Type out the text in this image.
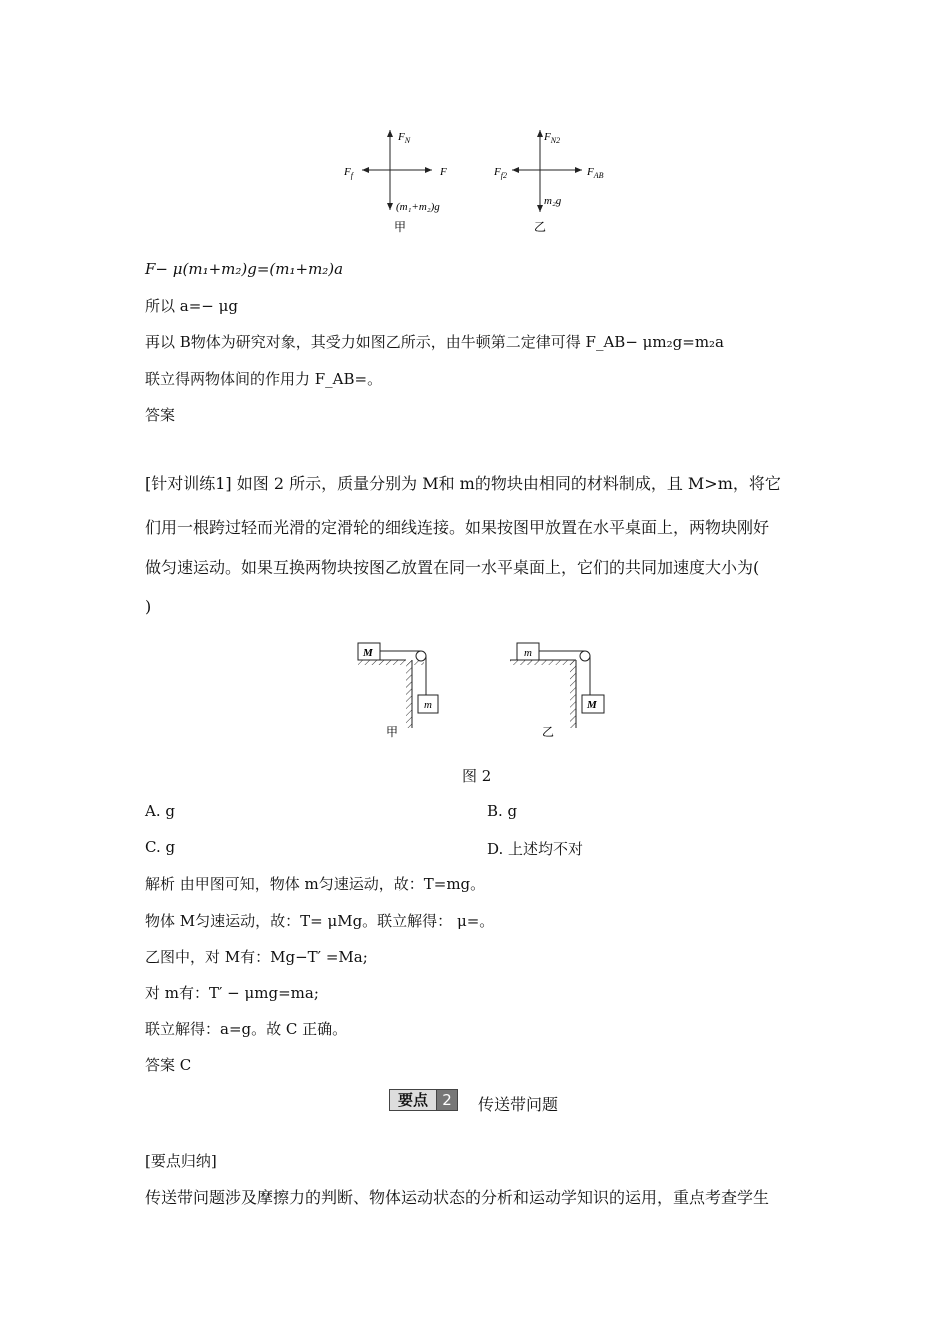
$F_N$
$F_f$	F
(m₁+m₂)g
甲
$F_{N2}$
$F_{f2}$	$F_{AB}$
m₂g
乙
F− μ(m₁+m₂)g=(m₁+m₂)a
所以 a=− μg
再以 B物体为研究对象，其受力如图乙所示，由牛顿第二定律可得 F_AB− μm₂g=m₂a
联立得两物体间的作用力 F_AB=。
答案
[针对训练1] 如图 2 所示，质量分别为 M和 m的物块由相同的材料制成，且 M>m，将它
们用一根跨过轻而光滑的定滑轮的细线连接。如果按图甲放置在水平桌面上，两物块刚好
做匀速运动。如果互换两物块按图乙放置在同一水平桌面上，它们的共同加速度大小为(
)
M
m
甲
m
M
乙
图 2
A. g	B. g
C. g	D. 上述均不对
解析 由甲图可知，物体 m匀速运动，故：T=mg。
物体 M匀速运动，故：T= μMg。联立解得： μ=。
乙图中，对 M有：Mg−T′ =Ma;
对 m有：T′ − μmg=ma;
联立解得：a=g。故 C 正确。
答案 C
要点 2	传送带问题
[要点归纳]
传送带问题涉及摩擦力的判断、物体运动状态的分析和运动学知识的运用，重点考查学生
